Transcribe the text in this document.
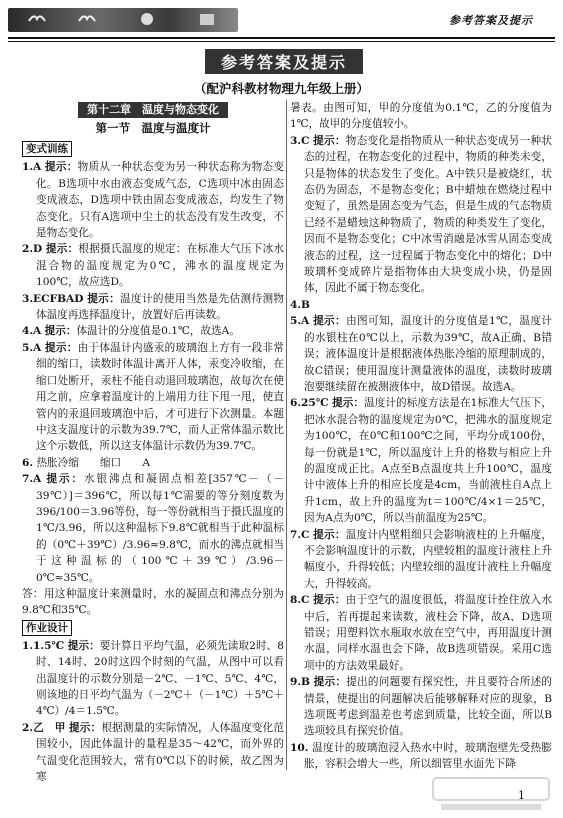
参考答案及提示
参考答案及提示
（配沪科教材物理九年级上册）
第十二章　温度与物态变化
第一节　温度与温度计
变式训练

1.A 提示：物质从一种状态变为另一种状态称为物态变化。B选项中水由液态变成气态，C选项中冰由固态变成液态，D选项中铁由固态变成液态，均发生了物态变化。只有A选项中尘土的状态没有发生改变，不是物态变化。

2.D 提示：根据摄氏温度的规定：在标准大气压下冰水混合物的温度规定为0℃，沸水的温度规定为100℃，故应选D。

3.ECFBAD 提示：温度计的使用当然是先估测待测物体温度再选择温度计，放置好后再读数。

4.A 提示：体温计的分度值是0.1℃，故选A。

5.A 提示：由于体温计内盛汞的玻璃泡上方有一段非常细的缩口，读数时体温计离开人体，汞变冷收缩，在缩口处断开，汞柱不能自动退回玻璃泡，故每次在使用之前，应拿着温度计的上端用力往下甩一甩，使直管内的汞退回玻璃泡中后，才可进行下次测量。本题中这支温度计的示数为39.7℃，而人正常体温示数比这个示数低，所以这支体温计示数仍为39.7℃。

6. 热胀冷缩　　缩口　　A

7.A 提示：水银沸点和凝固点相差[357℃－（－39℃）]＝396℃，所以每1℃需要的等分刻度数为396/100＝3.96等份，每一等份就相当于摄氏温度的1℃/3.96，所以这种温标下9.8℃就相当于此种温标的（0℃＋39℃）/3.96≈9.8℃，而水的沸点就相当于这种温标的（100℃＋39℃）/3.96－0℃≈35℃。

答：用这种温度计来测量时，水的凝固点和沸点分别为9.8℃和35℃。

作业设计

1.1.5℃ 提示：要计算日平均气温，必须先读取2时、8时、14时、20时这四个时刻的气温，从图中可以看出温度计的示数分别是－2℃、－1℃、5℃、4℃，则该地的日平均气温为（－2℃＋（－1℃）＋5℃＋4℃）/4＝1.5℃。

2.乙　甲 提示：根据测量的实际情况，人体温度变化范围较小，因此体温计的量程是35～42℃，而外界的气温变化范围较大，常有0℃以下的时候，故乙图为寒

暑表。由图可知，甲的分度值为0.1℃，乙的分度值为1℃，故甲的分度值较小。

3.C 提示：物态变化是指物质从一种状态变成另一种状态的过程，在物态变化的过程中，物质的种类未变，只是物体的状态发生了变化。A中铁只是被烧红，状态仍为固态，不是物态变化；B中蜡烛在燃烧过程中变短了，虽然是固态变为气态，但是生成的气态物质已经不是蜡烛这种物质了，物质的种类发生了变化，因而不是物态变化；C中冰雪消融是冰雪从固态变成液态的过程，这一过程属于物态变化中的熔化；D中玻璃杯变成碎片是指物体由大块变成小块，仍是固体，因此不属于物态变化。

4.B

5.A 提示：由图可知，温度计的分度值是1℃，温度计的水银柱在0℃以上，示数为39℃，故A正确、B错误；液体温度计是根据液体热胀冷缩的原理制成的，故C错误；使用温度计测量液体的温度，读数时玻璃泡要继续留在被测液体中，故D错误。故选A。

6.25℃ 提示：温度计的标度方法是在1标准大气压下，把冰水混合物的温度规定为0℃，把沸水的温度规定为100℃，在0℃和100℃之间，平均分成100份，每一份就是1℃，所以温度计上升的格数与相应上升的温度成正比。A点至B点温度共上升100℃，温度计中液体上升的相应长度是4cm，当前液柱自A点上升1cm，故上升的温度为t＝100℃/4×1＝25℃，因为A点为0℃，所以当前温度为25℃。

7.C 提示：温度计内壁粗细只会影响液柱的上升幅度，不会影响温度计的示数，内壁较粗的温度计液柱上升幅度小，升得较低；内壁较细的温度计液柱上升幅度大，升得较高。

8.C 提示：由于空气的温度很低，将温度计拴住放入水中后，若再提起来读数，液柱会下降，故A、D选项错误；用塑料饮水瓶取水放在空气中，再用温度计测水温，同样水温也会下降，故B选项错误。采用C选项中的方法效果最好。

9.B 提示：提出的问题要有探究性，并且要符合所述的情景，使提出的问题解决后能够解释对应的现象，B选项既考虑到温差也考虑到质量，比较全面，所以B选项较具有探究价值。

10. 温度计的玻璃泡浸入热水中时，玻璃泡壁先受热膨胀，容积会增大一些，所以细管里水面先下降

1
